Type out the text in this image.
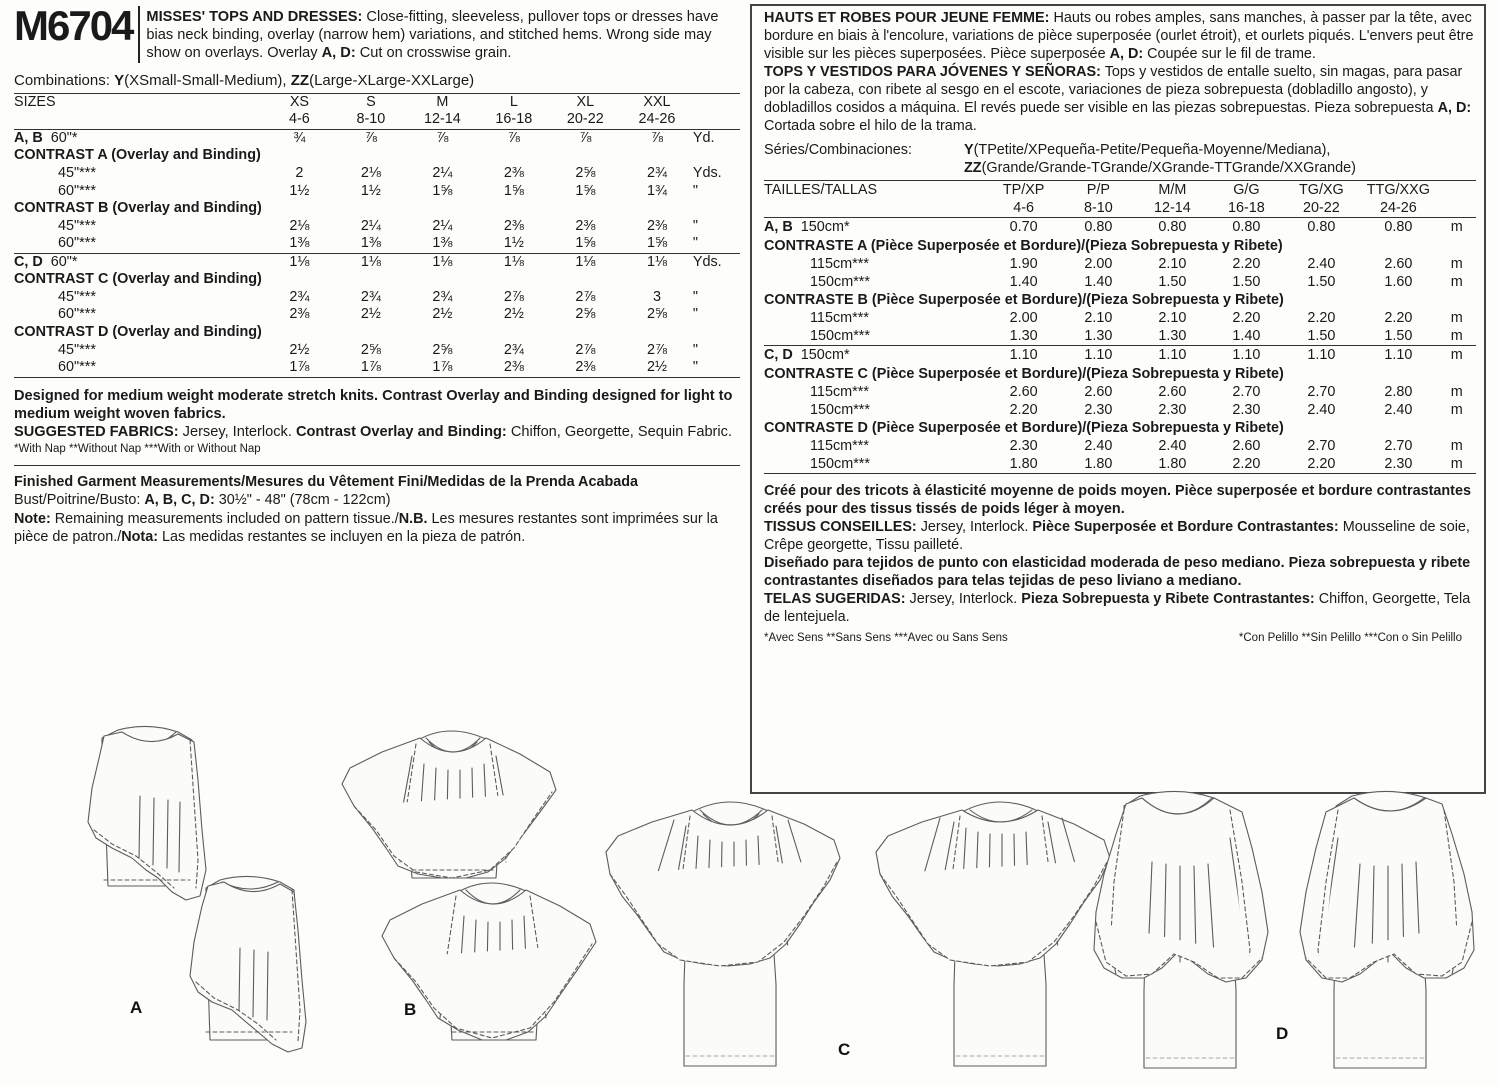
M6704 MISSES' TOPS AND DRESSES: Close-fitting, sleeveless, pullover tops or dresses have bias neck binding, overlay (narrow hem) variations, and stitched hems. Wrong side may show on overlays. Overlay A, D: Cut on crosswise grain.
Combinations: Y(XSmall-Small-Medium), ZZ(Large-XLarge-XXLarge)
SIZES	XS	S	M	L	XL	XXL	
	4-6	8-10	12-14	16-18	20-22	24-26	
A, B  60"*	¾	⅞	⅞	⅞	⅞	⅞	Yd.
CONTRAST A (Overlay and Binding)							
45"***	2	2⅛	2¼	2⅜	2⅝	2¾	Yds.
60"***	1½	1½	1⅝	1⅝	1⅝	1¾	"
CONTRAST B (Overlay and Binding)							
45"***	2⅛	2¼	2¼	2⅜	2⅜	2⅜	"
60"***	1⅜	1⅜	1⅜	1½	1⅝	1⅝	"
C, D  60"*	1⅛	1⅛	1⅛	1⅛	1⅛	1⅛	Yds.
CONTRAST C (Overlay and Binding)							
45"***	2¾	2¾	2¾	2⅞	2⅞	3	"
60"***	2⅜	2½	2½	2½	2⅝	2⅝	"
CONTRAST D (Overlay and Binding)							
45"***	2½	2⅝	2⅝	2¾	2⅞	2⅞	"
60"***	1⅞	1⅞	1⅞	2⅜	2⅜	2½	"

Designed for medium weight moderate stretch knits. Contrast Overlay and Binding designed for light to medium weight woven fabrics.

SUGGESTED FABRICS: Jersey, Interlock. Contrast Overlay and Binding: Chiffon, Georgette, Sequin Fabric.

*With Nap **Without Nap ***With or Without Nap

Finished Garment Measurements/Mesures du Vêtement Fini/Medidas de la Prenda Acabada

Bust/Poitrine/Busto: A, B, C, D: 30½" - 48" (78cm - 122cm)

Note: Remaining measurements included on pattern tissue./N.B. Les mesures restantes sont imprimées sur la pièce de patron./Nota: Las medidas restantes se incluyen en la pieza de patrón.

HAUTS ET ROBES POUR JEUNE FEMME: Hauts ou robes amples, sans manches, à passer par la tête, avec bordure en biais à l'encolure, variations de pièce superposée (ourlet étroit), et ourlets piqués. L'envers peut être visible sur les pièces superposées. Pièce superposée A, D: Coupée sur le fil de trame.

TOPS Y VESTIDOS PARA JÓVENES Y SEÑORAS: Tops y vestidos de entalle suelto, sin magas, para pasar por la cabeza, con ribete al sesgo en el escote, variaciones de pieza sobrepuesta (dobladillo angosto), y dobladillos cosidos a máquina. El revés puede ser visible en las piezas sobrepuestas. Pieza sobrepuesta A, D: Cortada sobre el hilo de la trama.

Séries/Combinaciones:	Y(TPetite/XPequeña-Petite/Pequeña-Moyenne/Mediana),
ZZ(Grande/Grande-TGrande/XGrande-TTGrande/XXGrande)
TAILLES/TALLAS	TP/XP	P/P	M/M	G/G	TG/XG	TTG/XXG	
	4-6	8-10	12-14	16-18	20-22	24-26	
A, B  150cm*	0.70	0.80	0.80	0.80	0.80	0.80	m
CONTRASTE A (Pièce Superposée et Bordure)/(Pieza Sobrepuesta y Ribete)							
115cm***	1.90	2.00	2.10	2.20	2.40	2.60	m
150cm***	1.40	1.40	1.50	1.50	1.50	1.60	m
CONTRASTE B (Pièce Superposée et Bordure)/(Pieza Sobrepuesta y Ribete)							
115cm***	2.00	2.10	2.10	2.20	2.20	2.20	m
150cm***	1.30	1.30	1.30	1.40	1.50	1.50	m
C, D  150cm*	1.10	1.10	1.10	1.10	1.10	1.10	m
CONTRASTE C (Pièce Superposée et Bordure)/(Pieza Sobrepuesta y Ribete)							
115cm***	2.60	2.60	2.60	2.70	2.70	2.80	m
150cm***	2.20	2.30	2.30	2.30	2.40	2.40	m
CONTRASTE D (Pièce Superposée et Bordure)/(Pieza Sobrepuesta y Ribete)							
115cm***	2.30	2.40	2.40	2.60	2.70	2.70	m
150cm***	1.80	1.80	1.80	2.20	2.20	2.30	m

Créé pour des tricots à élasticité moyenne de poids moyen. Pièce superposée et bordure contrastantes créés pour des tissus tissés de poids léger à moyen.

TISSUS CONSEILLES: Jersey, Interlock. Pièce Superposée et Bordure Contrastantes: Mousseline de soie, Crêpe georgette, Tissu pailleté.

Diseñado para tejidos de punto con elasticidad moderada de peso mediano. Pieza sobrepuesta y ribete contrastantes diseñados para telas tejidas de peso liviano a mediano.

TELAS SUGERIDAS: Jersey, Interlock. Pieza Sobrepuesta y Ribete Contrastantes: Chiffon, Georgette, Tela de lentejuela.

*Avec Sens **Sans Sens ***Avec ou Sans Sens	*Con Pelillo **Sin Pelillo ***Con o Sin Pelillo
A	B
C
D
